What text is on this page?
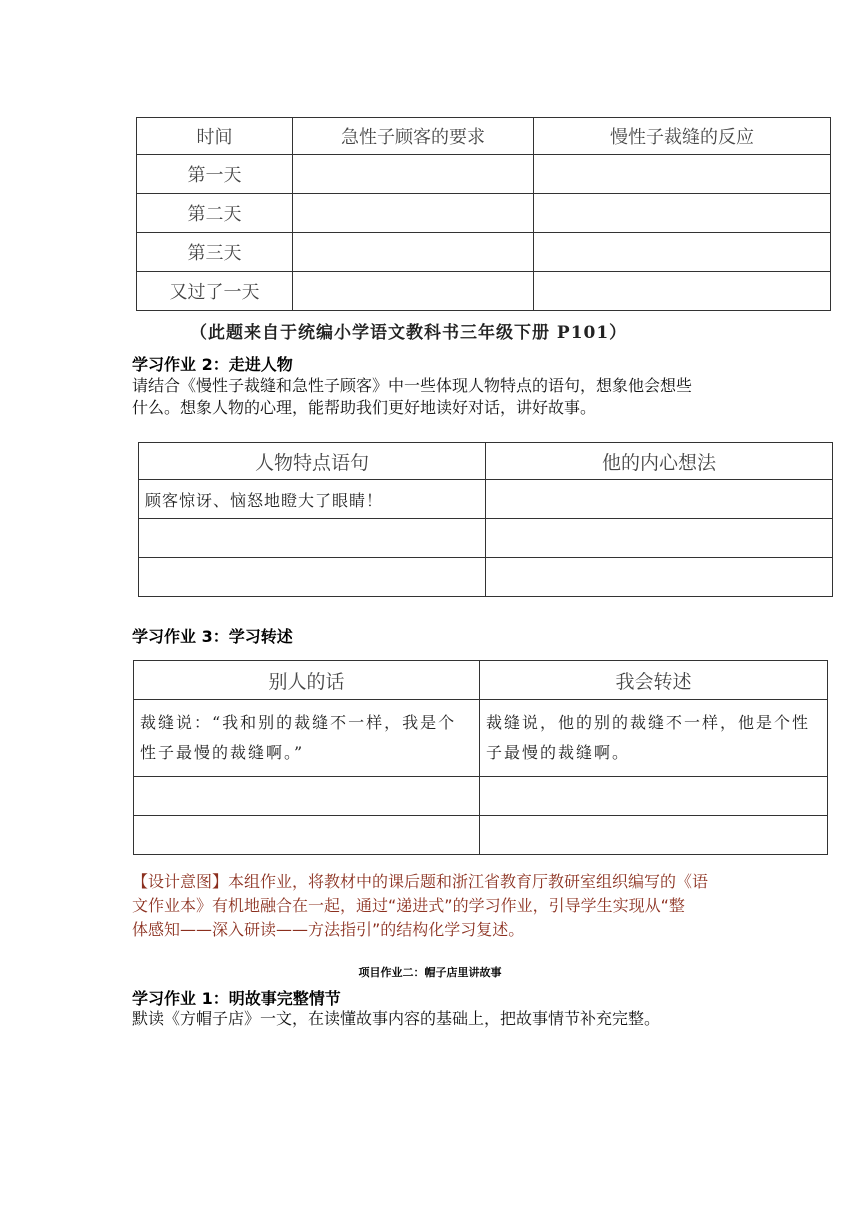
时间	急性子顾客的要求	慢性子裁缝的反应
第一天		
第二天		
第三天		
又过了一天		
（此题来自于统编小学语文教科书三年级下册 P101）
学习作业 2：走进人物
请结合《慢性子裁缝和急性子顾客》中一些体现人物特点的语句，想象他会想些
什么。想象人物的心理，能帮助我们更好地读好对话，讲好故事。
人物特点语句	他的内心想法
顾客惊讶、恼怒地瞪大了眼睛！	

学习作业 3：学习转述
别人的话	我会转述
裁缝说：“我和别的裁缝不一样，我是个性子最慢的裁缝啊。”	裁缝说，他的别的裁缝不一样，他是个性子最慢的裁缝啊。

【设计意图】本组作业，将教材中的课后题和浙江省教育厅教研室组织编写的《语
文作业本》有机地融合在一起，通过“递进式”的学习作业，引导学生实现从“整
体感知——深入研读——方法指引”的结构化学习复述。
项目作业二：帽子店里讲故事
学习作业 1：明故事完整情节
默读《方帽子店》一文，在读懂故事内容的基础上，把故事情节补充完整。
